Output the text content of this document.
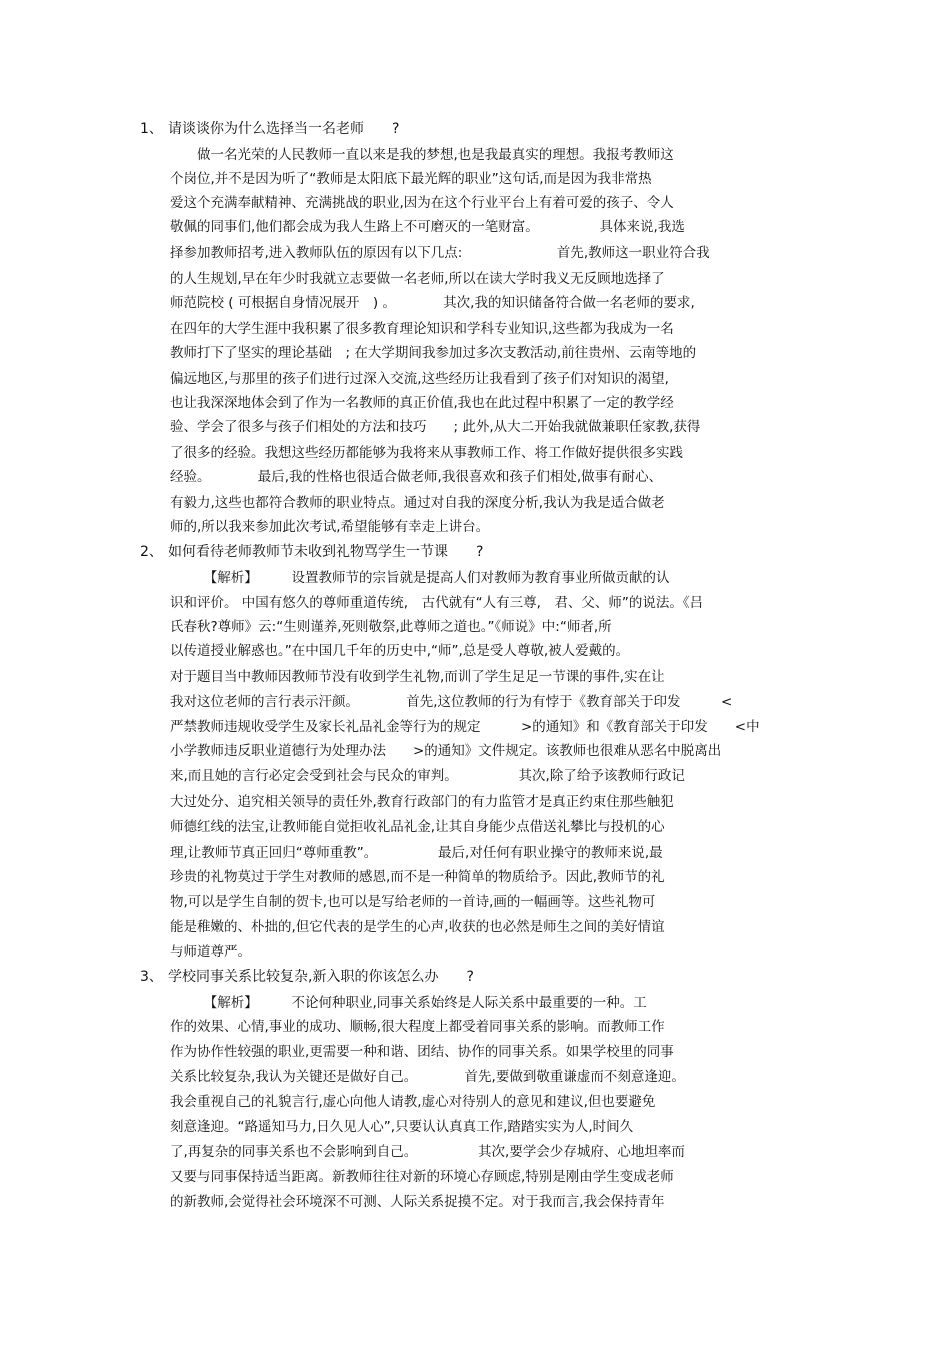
1、 请谈谈你为什么选择当一名老师　　?
　　做一名光荣的人民教师一直以来是我的梦想,也是我最真实的理想。我报考教师这
个岗位,并不是因为听了“教师是太阳底下最光辉的职业”这句话,而是因为我非常热
爱这个充满奉献精神、充满挑战的职业,因为在这个行业平台上有着可爱的孩子、令人
敬佩的同事们,他们都会成为我人生路上不可磨灭的一笔财富。　　　　　具体来说,我选
择参加教师招考,进入教师队伍的原因有以下几点:　　　　　　　首先,教师这一职业符合我
的人生规划,早在年少时我就立志要做一名老师,所以在读大学时我义无反顾地选择了
师范院校 ( 可根据自身情况展开　) 。　　　　其次,我的知识储备符合做一名老师的要求,
在四年的大学生涯中我积累了很多教育理论知识和学科专业知识,这些都为我成为一名
教师打下了坚实的理论基础　; 在大学期间我参加过多次支教活动,前往贵州、云南等地的
偏远地区,与那里的孩子们进行过深入交流,这些经历让我看到了孩子们对知识的渴望,
也让我深深地体会到了作为一名教师的真正价值,我也在此过程中积累了一定的教学经
验、学会了很多与孩子们相处的方法和技巧　　; 此外,从大二开始我就做兼职任家教,获得
了很多的经验。我想这些经历都能够为我将来从事教师工作、将工作做好提供很多实践
经验。　　　　最后,我的性格也很适合做老师,我很喜欢和孩子们相处,做事有耐心、
有毅力,这些也都符合教师的职业特点。通过对自我的深度分析,我认为我是适合做老
师的,所以我来参加此次考试,希望能够有幸走上讲台。
2、 如何看待老师教师节未收到礼物骂学生一节课　　?
　　　【解析】　　　设置教师节的宗旨就是提高人们对教师为教育事业所做贡献的认
识和评价。 中国有悠久的尊师重道传统,　古代就有“人有三尊,　君、父、师”的说法。《吕
氏春秋?尊师》云:“生则谨养,死则敬祭,此尊师之道也。”《师说》中:“师者,所
以传道授业解惑也。”在中国几千年的历史中,“师”,总是受人尊敬,被人爱戴的。
对于题目当中教师因教师节没有收到学生礼物,而训了学生足足一节课的事件,实在让
我对这位老师的言行表示汗颜。　　　　首先,这位教师的行为有悖于《教育部关于印发　　　<
严禁教师违规收受学生及家长礼品礼金等行为的规定　　　>的通知》和《教育部关于印发　　<中
小学教师违反职业道德行为处理办法　　>的通知》文件规定。该教师也很难从恶名中脱离出
来,而且她的言行必定会受到社会与民众的审判。　　　　　其次,除了给予该教师行政记
大过处分、追究相关领导的责任外,教育行政部门的有力监管才是真正约束住那些触犯
师德红线的法宝,让教师能自觉拒收礼品礼金,让其自身能少点借送礼攀比与投机的心
理,让教师节真正回归“尊师重教”。　　　　　最后,对任何有职业操守的教师来说,最
珍贵的礼物莫过于学生对教师的感恩,而不是一种简单的物质给予。因此,教师节的礼
物,可以是学生自制的贺卡,也可以是写给老师的一首诗,画的一幅画等。这些礼物可
能是稚嫩的、朴拙的,但它代表的是学生的心声,收获的也必然是师生之间的美好情谊
与师道尊严。
3、 学校同事关系比较复杂,新入职的你该怎么办　　?
　　　【解析】　　　不论何种职业,同事关系始终是人际关系中最重要的一种。工
作的效果、心情,事业的成功、顺畅,很大程度上都受着同事关系的影响。而教师工作
作为协作性较强的职业,更需要一种和谐、团结、协作的同事关系。如果学校里的同事
关系比较复杂,我认为关键还是做好自己。　　　　首先,要做到敬重谦虚而不刻意逢迎。
我会重视自己的礼貌言行,虚心向他人请教,虚心对待别人的意见和建议,但也要避免
刻意逢迎。“路遥知马力,日久见人心”,只要认认真真工作,踏踏实实为人,时间久
了,再复杂的同事关系也不会影响到自己。　　　　　其次,要学会少存城府、心地坦率而
又要与同事保持适当距离。新教师往往对新的环境心存顾虑,特别是刚由学生变成老师
的新教师,会觉得社会环境深不可测、人际关系捉摸不定。对于我而言,我会保持青年
